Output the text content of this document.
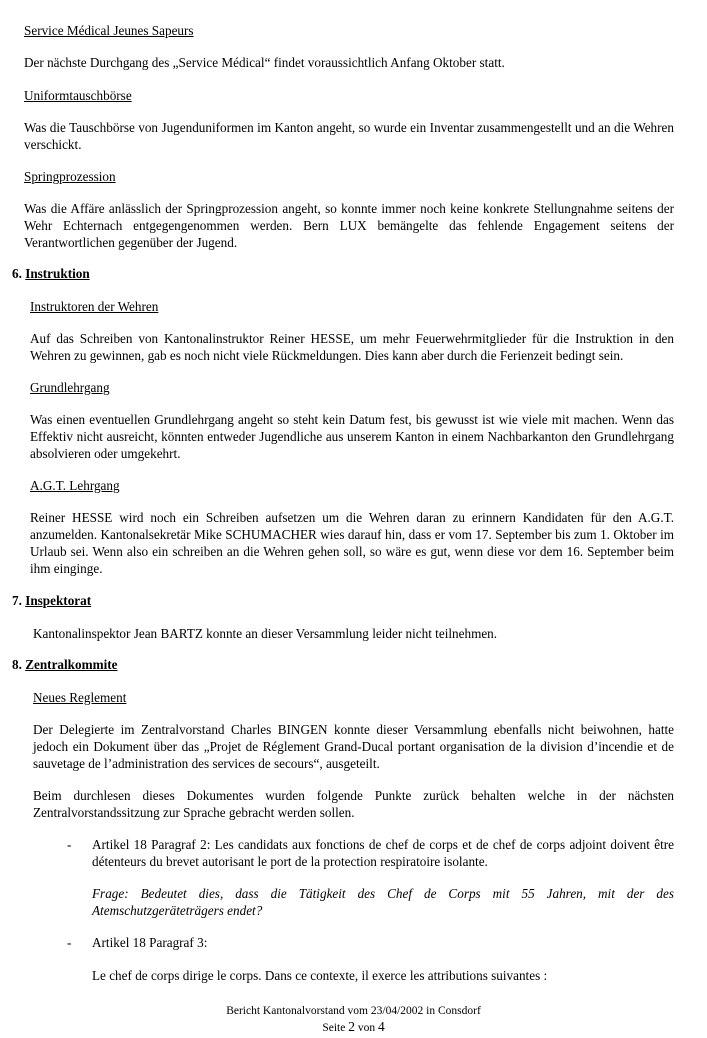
Service Médical Jeunes Sapeurs
Der nächste Durchgang des „Service Médical“ findet voraussichtlich Anfang Oktober statt.
Uniformtauschbörse
Was die Tauschbörse von Jugenduniformen im Kanton angeht, so wurde ein Inventar zusammengestellt und an die Wehren verschickt.
Springprozession
Was die Affäre anlässlich der Springprozession angeht, so konnte immer noch keine konkrete Stellungnahme seitens der Wehr Echternach entgegengenommen werden. Bern LUX bemängelte das fehlende Engagement seitens der Verantwortlichen gegenüber der Jugend.
6. Instruktion
Instruktoren der Wehren
Auf das Schreiben von Kantonalinstruktor Reiner HESSE, um mehr Feuerwehrmitglieder für die Instruktion in den Wehren zu gewinnen, gab es noch nicht viele Rückmeldungen. Dies kann aber durch die Ferienzeit bedingt sein.
Grundlehrgang
Was einen eventuellen Grundlehrgang angeht so steht kein Datum fest, bis gewusst ist wie viele mit machen. Wenn das Effektiv nicht ausreicht, könnten entweder Jugendliche aus unserem Kanton in einem Nachbarkanton den Grundlehrgang absolvieren oder umgekehrt.
A.G.T. Lehrgang
Reiner HESSE wird noch ein Schreiben aufsetzen um die Wehren daran zu erinnern Kandidaten für den A.G.T. anzumelden. Kantonalsekretär Mike SCHUMACHER wies darauf hin, dass er vom 17. September bis zum 1. Oktober im Urlaub sei. Wenn also ein schreiben an die Wehren gehen soll, so wäre es gut, wenn diese vor dem 16. September beim ihm einginge.
7. Inspektorat
Kantonalinspektor Jean BARTZ konnte an dieser Versammlung leider nicht teilnehmen.
8. Zentralkommite
Neues Reglement
Der Delegierte im Zentralvorstand Charles BINGEN konnte dieser Versammlung ebenfalls nicht beiwohnen, hatte jedoch ein Dokument über das „Projet de Réglement Grand-Ducal portant organisation de la division d’incendie et de sauvetage de l’administration des services de secours“, ausgeteilt.
Beim durchlesen dieses Dokumentes wurden folgende Punkte zurück behalten welche in der nächsten Zentralvorstandssitzung zur Sprache gebracht werden sollen.
- Artikel 18 Paragraf 2: Les candidats aux fonctions de chef de corps et de chef de corps adjoint doivent être détenteurs du brevet autorisant le port de la protection respiratoire isolante.
Frage: Bedeutet dies, dass die Tätigkeit des Chef de Corps mit 55 Jahren, mit der des Atemschutzgeräteträgers endet?
- Artikel 18 Paragraf 3:
Le chef de corps dirige le corps. Dans ce contexte, il exerce les attributions suivantes :
Bericht Kantonalvorstand vom 23/04/2002 in Consdorf
Seite 2 von 4
